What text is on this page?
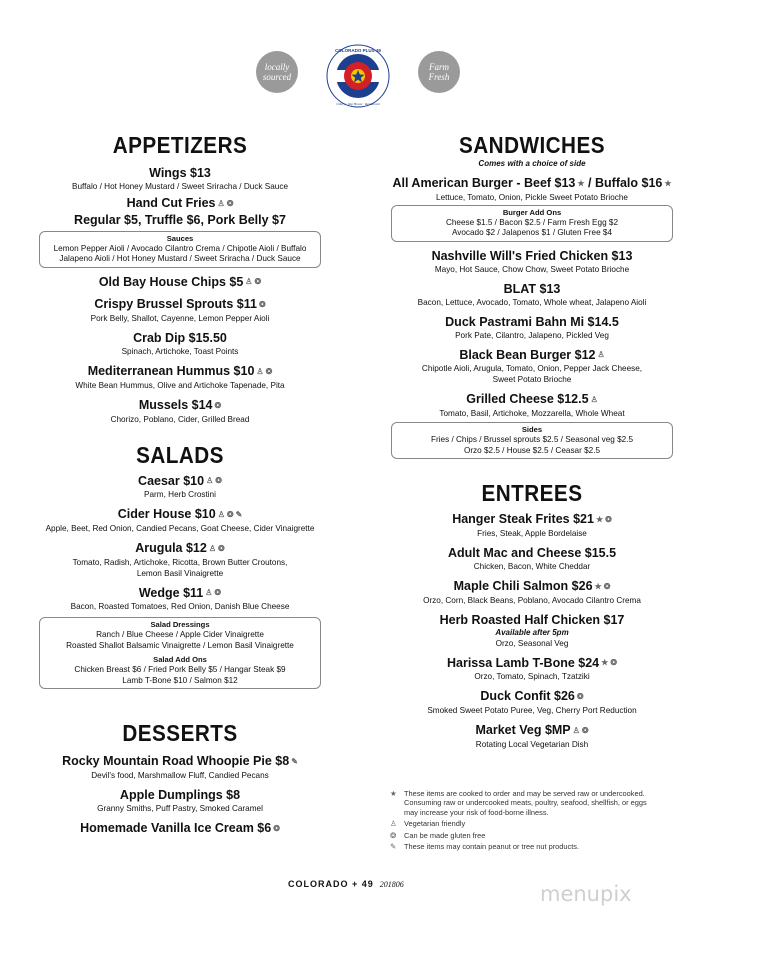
locally sourced
Farm Fresh
COLORADO PLUS 49
Cidery · Tap House · Restaurant
APPETIZERS
Wings $13
Buffalo / Hot Honey Mustard / Sweet Sriracha / Duck Sauce
Hand Cut Fries ♙ ❂
Regular $5, Truffle $6, Pork Belly $7
Sauces
Lemon Pepper Aioli / Avocado Cilantro Crema / Chipotle Aioli / Buffalo
Jalapeno Aioli / Hot Honey Mustard / Sweet Sriracha / Duck Sauce
Old Bay House Chips $5 ♙ ❂
Crispy Brussel Sprouts $11 ❂
Pork Belly, Shallot, Cayenne, Lemon Pepper Aioli
Crab Dip $15.50
Spinach, Artichoke, Toast Points
Mediterranean Hummus $10 ♙ ❂
White Bean Hummus, Olive and Artichoke Tapenade, Pita
Mussels $14 ❂
Chorizo, Poblano, Cider, Grilled Bread
SALADS
Caesar $10 ♙ ❂
Parm, Herb Crostini
Cider House $10 ♙ ❂ ✎
Apple, Beet, Red Onion, Candied Pecans, Goat Cheese, Cider Vinaigrette
Arugula $12 ♙ ❂
Tomato, Radish, Artichoke, Ricotta, Brown Butter Croutons,
Lemon Basil Vinaigrette
Wedge $11 ♙ ❂
Bacon, Roasted Tomatoes, Red Onion, Danish Blue Cheese
Salad Dressings
Ranch / Blue Cheese / Apple Cider Vinaigrette
Roasted Shallot Balsamic Vinaigrette / Lemon Basil Vinaigrette
Salad Add Ons
Chicken Breast $6 / Fried Pork Belly $5 / Hangar Steak $9
Lamb T-Bone $10 / Salmon $12
DESSERTS
Rocky Mountain Road Whoopie Pie $8 ✎
Devil's food, Marshmallow Fluff, Candied Pecans
Apple Dumplings $8
Granny Smiths, Puff Pastry, Smoked Caramel
Homemade Vanilla Ice Cream $6 ❂
SANDWICHES
Comes with a choice of side
All American Burger - Beef $13 ★ / Buffalo $16 ★
Lettuce, Tomato, Onion, Pickle Sweet Potato Brioche
Burger Add Ons
Cheese $1.5 / Bacon $2.5 / Farm Fresh Egg $2
Avocado $2 / Jalapenos $1 / Gluten Free $4
Nashville Will's Fried Chicken $13
Mayo, Hot Sauce, Chow Chow, Sweet Potato Brioche
BLAT $13
Bacon, Lettuce, Avocado, Tomato, Whole wheat, Jalapeno Aioli
Duck Pastrami Bahn Mi $14.5
Pork Pate, Cilantro, Jalapeno, Pickled Veg
Black Bean Burger $12 ♙
Chipotle Aioli, Arugula, Tomato, Onion, Pepper Jack Cheese,
Sweet Potato Brioche
Grilled Cheese $12.5 ♙
Tomato, Basil, Artichoke, Mozzarella, Whole Wheat
Sides
Fries / Chips / Brussel sprouts $2.5 / Seasonal veg $2.5
Orzo $2.5 / House $2.5 / Ceasar $2.5
ENTREES
Hanger Steak Frites $21 ★ ❂
Fries, Steak, Apple Bordelaise
Adult Mac and Cheese $15.5
Chicken, Bacon, White Cheddar
Maple Chili Salmon $26 ★ ❂
Orzo, Corn, Black Beans, Poblano, Avocado Cilantro Crema
Herb Roasted Half Chicken $17
Available after 5pm
Orzo, Seasonal Veg
Harissa Lamb T-Bone $24 ★ ❂
Orzo, Tomato, Spinach, Tzatziki
Duck Confit $26 ❂
Smoked Sweet Potato Puree, Veg, Cherry Port Reduction
Market Veg $MP ♙ ❂
Rotating Local Vegetarian Dish
★ These items are cooked to order and may be served raw or undercooked. Consuming raw or undercooked meats, poultry, seafood, shellfish, or eggs may increase your risk of food-borne illness.
♙ Vegetarian friendly
❂	Can be made gluten free
✎	These items may contain peanut or tree nut products.
COLORADO + 49 201806	menupix
